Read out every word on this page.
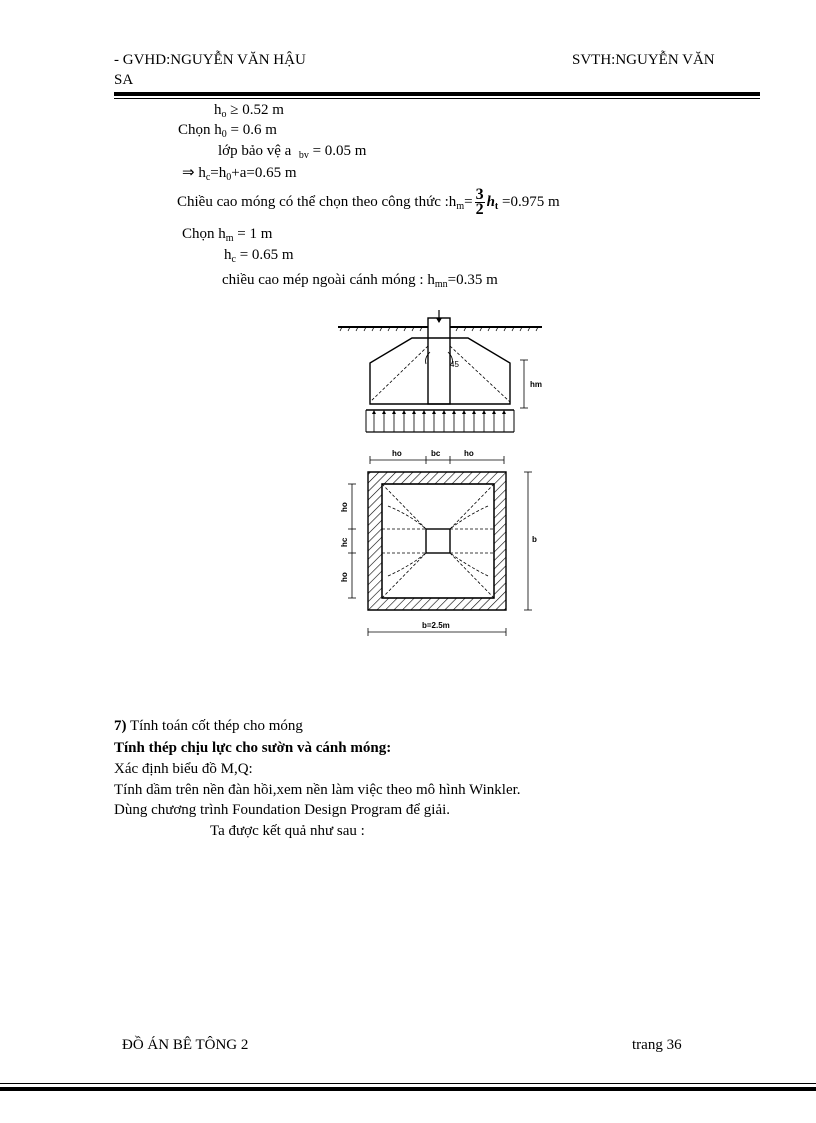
- GVHD:NGUYỄN VĂN HẬU
SA
SVTH:NGUYỄN VĂN
$h_o \ge 0.52$ m
Chọn $h_0 = 0.6$ m
lớp bảo vệ a $_{bv}$ = 0.05 m
⇒ $h_c=h_0+a=0.65$ m
Chiều cao móng có thể chọn theo công thức $:h_m= \frac{3}{2} h_t =0.975$ m
Chọn $h_m = 1$ m
$h_c = 0.65$ m
chiều cao mép ngoài cánh móng : $h_{mn}=0.35$ m
45
hm
ho	bc	ho
ho
hc
ho
b
b=2.5m
7) Tính toán cốt thép cho móng
Tính thép chịu lực cho sườn và cánh móng:
Xác định biểu đồ M,Q:
Tính dầm trên nền đàn hồi,xem nền làm việc theo mô hình Winkler.
Dùng chương trình Foundation Design Program để giải.
Ta được kết quả như sau :
ĐỒ ÁN BÊ TÔNG 2	trang 36
